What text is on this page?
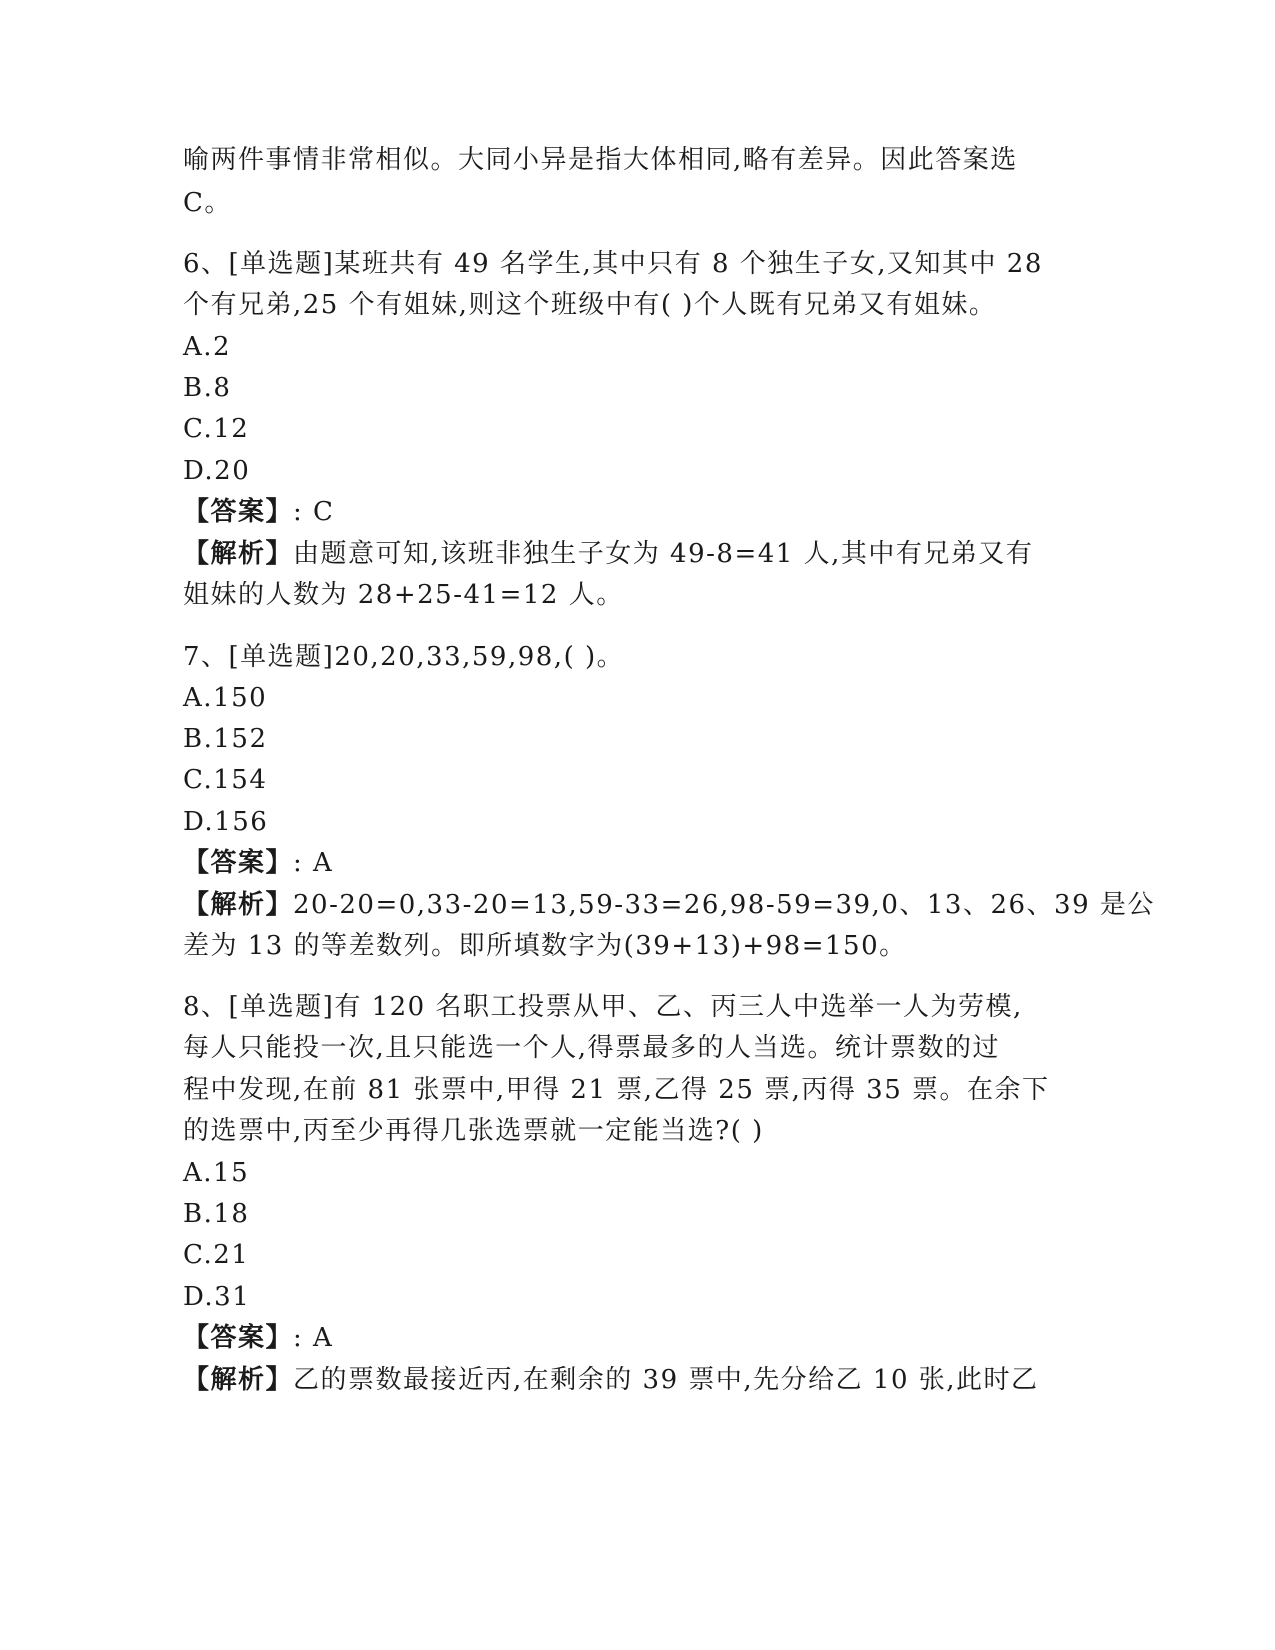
喻两件事情非常相似。大同小异是指大体相同,略有差异。因此答案选
C。
6、[单选题]某班共有 49 名学生,其中只有 8 个独生子女,又知其中 28
个有兄弟,25 个有姐妹,则这个班级中有( )个人既有兄弟又有姐妹。
A.2
B.8
C.12
D.20
【答案】: C
【解析】由题意可知,该班非独生子女为 49-8=41 人,其中有兄弟又有
姐妹的人数为 28+25-41=12 人。
7、[单选题]20,20,33,59,98,( )。
A.150
B.152
C.154
D.156
【答案】: A
【解析】20-20=0,33-20=13,59-33=26,98-59=39,0、13、26、39 是公
差为 13 的等差数列。即所填数字为(39+13)+98=150。
8、[单选题]有 120 名职工投票从甲、乙、丙三人中选举一人为劳模,
每人只能投一次,且只能选一个人,得票最多的人当选。统计票数的过
程中发现,在前 81 张票中,甲得 21 票,乙得 25 票,丙得 35 票。在余下
的选票中,丙至少再得几张选票就一定能当选?( )
A.15
B.18
C.21
D.31
【答案】: A
【解析】乙的票数最接近丙,在剩余的 39 票中,先分给乙 10 张,此时乙
